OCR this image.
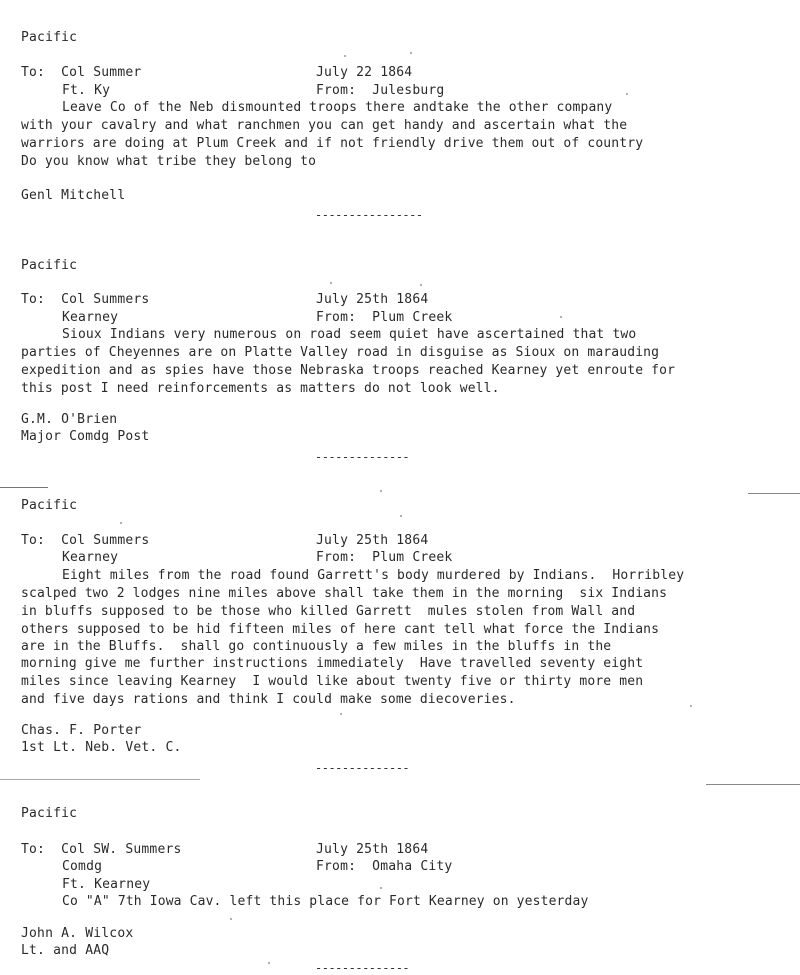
Pacific
To:  Col Summer	July 22 1864
Ft. Ky	From:  Julesburg
Leave Co of the Neb dismounted troops there andtake the other company
with your cavalry and what ranchmen you can get handy and ascertain what the
warriors are doing at Plum Creek and if not friendly drive them out of country
Do you know what tribe they belong to
Genl Mitchell
----------------
Pacific
To:  Col Summers	July 25th 1864
Kearney	From:  Plum Creek
Sioux Indians very numerous on road seem quiet have ascertained that two
parties of Cheyennes are on Platte Valley road in disguise as Sioux on marauding
expedition and as spies have those Nebraska troops reached Kearney yet enroute for
this post I need reinforcements as matters do not look well.
G.M. O'Brien
Major Comdg Post
--------------
Pacific
To:  Col Summers	July 25th 1864
Kearney	From:  Plum Creek
Eight miles from the road found Garrett's body murdered by Indians.  Horribley
scalped two 2 lodges nine miles above shall take them in the morning  six Indians
in bluffs supposed to be those who killed Garrett  mules stolen from Wall and
others supposed to be hid fifteen miles of here cant tell what force the Indians
are in the Bluffs.  shall go continuously a few miles in the bluffs in the
morning give me further instructions immediately  Have travelled seventy eight
miles since leaving Kearney  I would like about twenty five or thirty more men
and five days rations and think I could make some diecoveries.
Chas. F. Porter
1st Lt. Neb. Vet. C.
--------------
Pacific
To:  Col SW. Summers	July 25th 1864
Comdg	From:  Omaha City
Ft. Kearney
Co "A" 7th Iowa Cav. left this place for Fort Kearney on yesterday
John A. Wilcox
Lt. and AAQ
--------------
